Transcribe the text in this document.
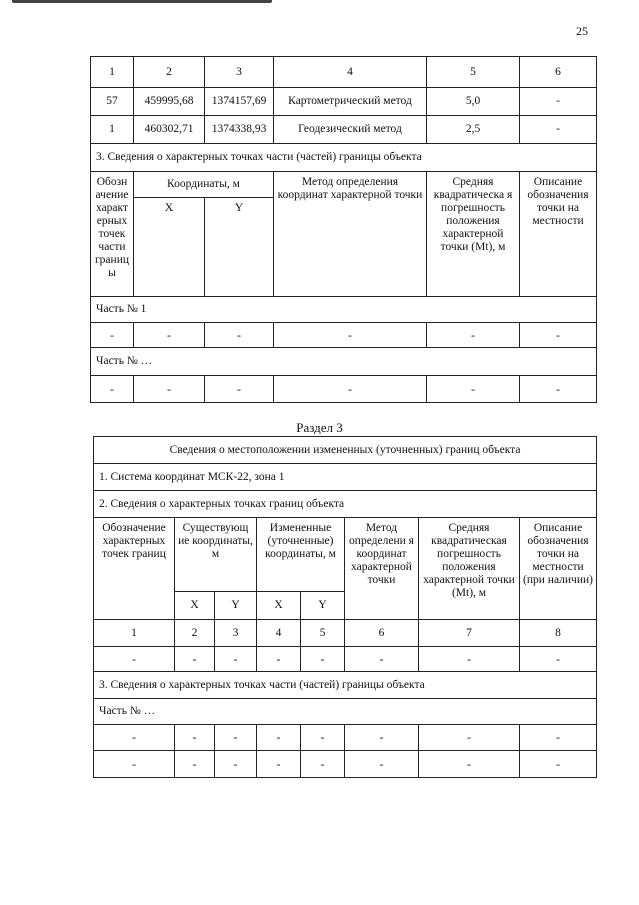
25
1	2	3	4	5	6
57	459995,68	1374157,69	Картометрический метод	5,0	-
1	460302,71	1374338,93	Геодезический метод	2,5	-
3. Сведения о характерных точках части (частей) границы объекта					
Обозн ачение характ ерных точек части границ ы	Координаты, м		Метод определения координат характерной точки	Средняя квадратическа я погрешность положения характерной точки (Mt), м	Описание обозначения точки на местности
	X	Y			
Часть № 1					
-	-	-	-	-	-
Часть № …					
-	-	-	-	-	-
Раздел 3
Сведения о местоположении измененных (уточненных) границ объекта							
1. Система координат МСК-22, зона 1							
2. Сведения о характерных точках границ объекта							
Обозначение характерных точек границ	Существующ ие координаты, м		Измененные (уточненные) координаты, м		Метод определени я координат характерной точки	Средняя квадратическая погрешность положения характерной точки (Mt), м	Описание обозначения точки на местности (при наличии)
	X	Y	X	Y			
1	2	3	4	5	6	7	8
-	-	-	-	-	-	-	-
3. Сведения о характерных точках части (частей) границы объекта							
Часть № …							
-	-	-	-	-	-	-	-
-	-	-	-	-	-	-	-
